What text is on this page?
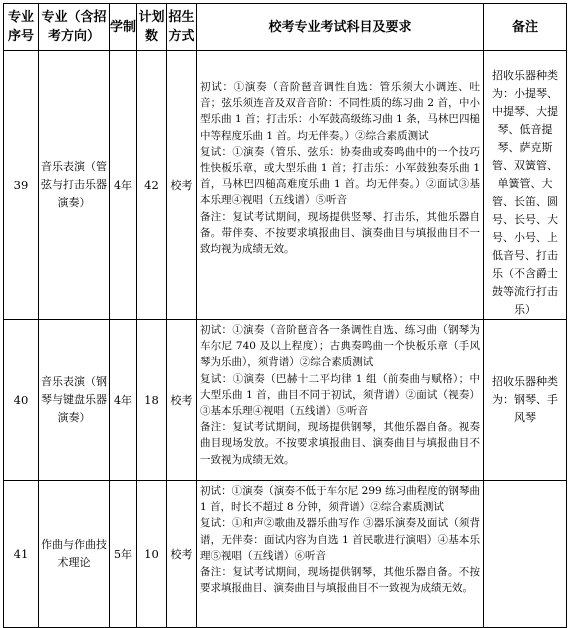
专业序号	专业（含招考方向）	学制	计划数	招生方式	校考专业考试科目及要求	备注
39	音乐表演（管弦与打击乐器演奏）	4年	42	校考	初试：①演奏（音阶琶音调性自选：管乐须大小调连、吐音；弦乐须连音及双音音阶：不同性质的练习曲 2 首，中小型乐曲 1 首；打击乐：小军鼓高级练习曲 1 条，马林巴四槌中等程度乐曲 1 首。均无伴奏。）②综合素质测试

复试：①演奏（管乐、弦乐：协奏曲或奏鸣曲中的一个技巧性快板乐章，或大型乐曲 1 首；打击乐：小军鼓独奏乐曲 1 首，马林巴四槌高难度乐曲 1 首。均无伴奏。）②面试③基本乐理④视唱（五线谱）⑤听音

备注：复试考试期间，现场提供竖琴、打击乐，其他乐器自备。带伴奏、不按要求填报曲目、演奏曲目与填报曲目不一致均视为成绩无效。	招收乐器种类为：小提琴、中提琴、大提琴、低音提琴、萨克斯管、双簧管、单簧管、大管、长笛、圆号、长号、大号、小号、上低音号、打击乐（不含爵士鼓等流行打击乐）
40	音乐表演（钢琴与键盘乐器演奏）	4年	18	校考	初试：①演奏（音阶琶音各一条调性自选、练习曲（钢琴为车尔尼 740 及以上程度）；古典奏鸣曲一个快板乐章（手风琴为乐曲），须背谱）②综合素质测试

复试：①演奏（巴赫十二平均律 1 组（前奏曲与赋格）；中大型乐曲 1 首，曲目不同于初试，须背谱）②面试（视奏）③基本乐理④视唱（五线谱）⑤听音

备注：复试考试期间，现场提供钢琴，其他乐器自备。视奏曲目现场发放。不按要求填报曲目、演奏曲目与填报曲目不一致视为成绩无效。	招收乐器种类为：钢琴、手风琴
41	作曲与作曲技术理论	5年	10	校考	初试：①演奏（演奏不低于车尔尼 299 练习曲程度的钢琴曲 1 首，时长不超过 8 分钟，须背谱）②综合素质测试

复试：①和声②歌曲及器乐曲写作 ③器乐演奏及面试（须背谱，无伴奏：面试内容为自选 1 首民歌进行演唱）④基本乐理⑤视唱（五线谱）⑥听音

备注：复试考试期间，现场提供钢琴，其他乐器自备。不按要求填报曲目、演奏曲目与填报曲目不一致视为成绩无效。	
